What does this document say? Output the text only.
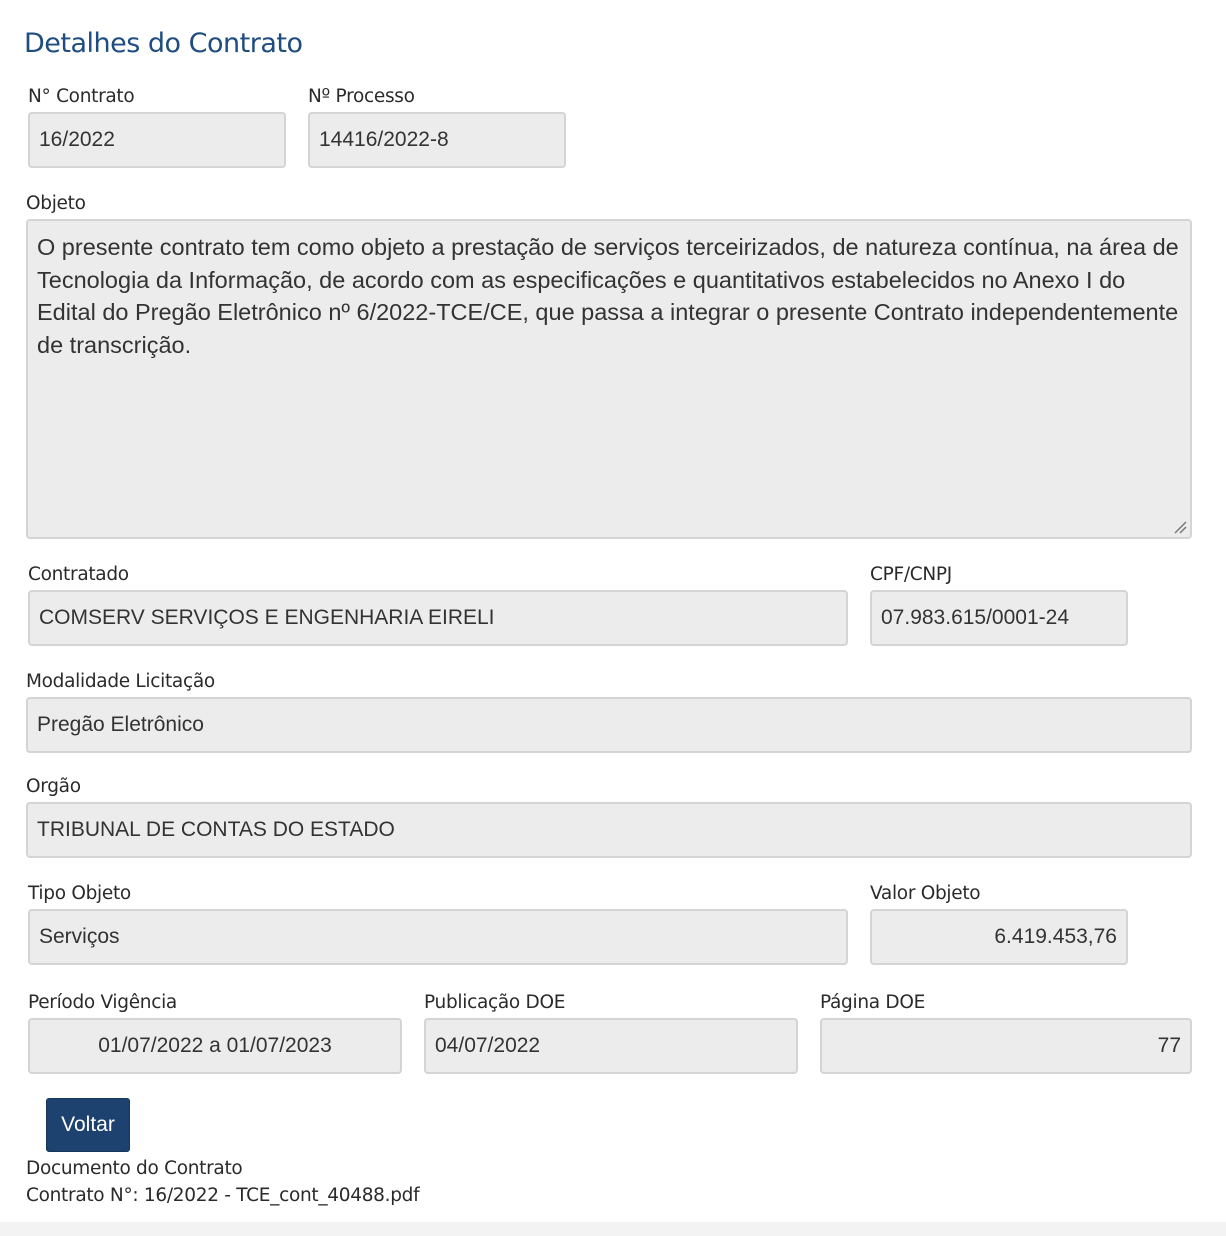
Detalhes do Contrato
N° Contrato
16/2022
Nº Processo
14416/2022-8
Objeto
O presente contrato tem como objeto a prestação de serviços terceirizados, de natureza contínua, na área de Tecnologia da Informação, de acordo com as especificações e quantitativos estabelecidos no Anexo I do Edital do Pregão Eletrônico nº 6/2022-TCE/CE, que passa a integrar o presente Contrato independentemente de transcrição.
Contratado
COMSERV SERVIÇOS E ENGENHARIA EIRELI
CPF/CNPJ
07.983.615/0001-24
Modalidade Licitação
Pregão Eletrônico
Orgão
TRIBUNAL DE CONTAS DO ESTADO
Tipo Objeto
Serviços
Valor Objeto
6.419.453,76
Período Vigência
01/07/2022 a 01/07/2023
Publicação DOE
04/07/2022
Página DOE
77
Voltar
Documento do Contrato
Contrato N°: 16/2022 - TCE_cont_40488.pdf
